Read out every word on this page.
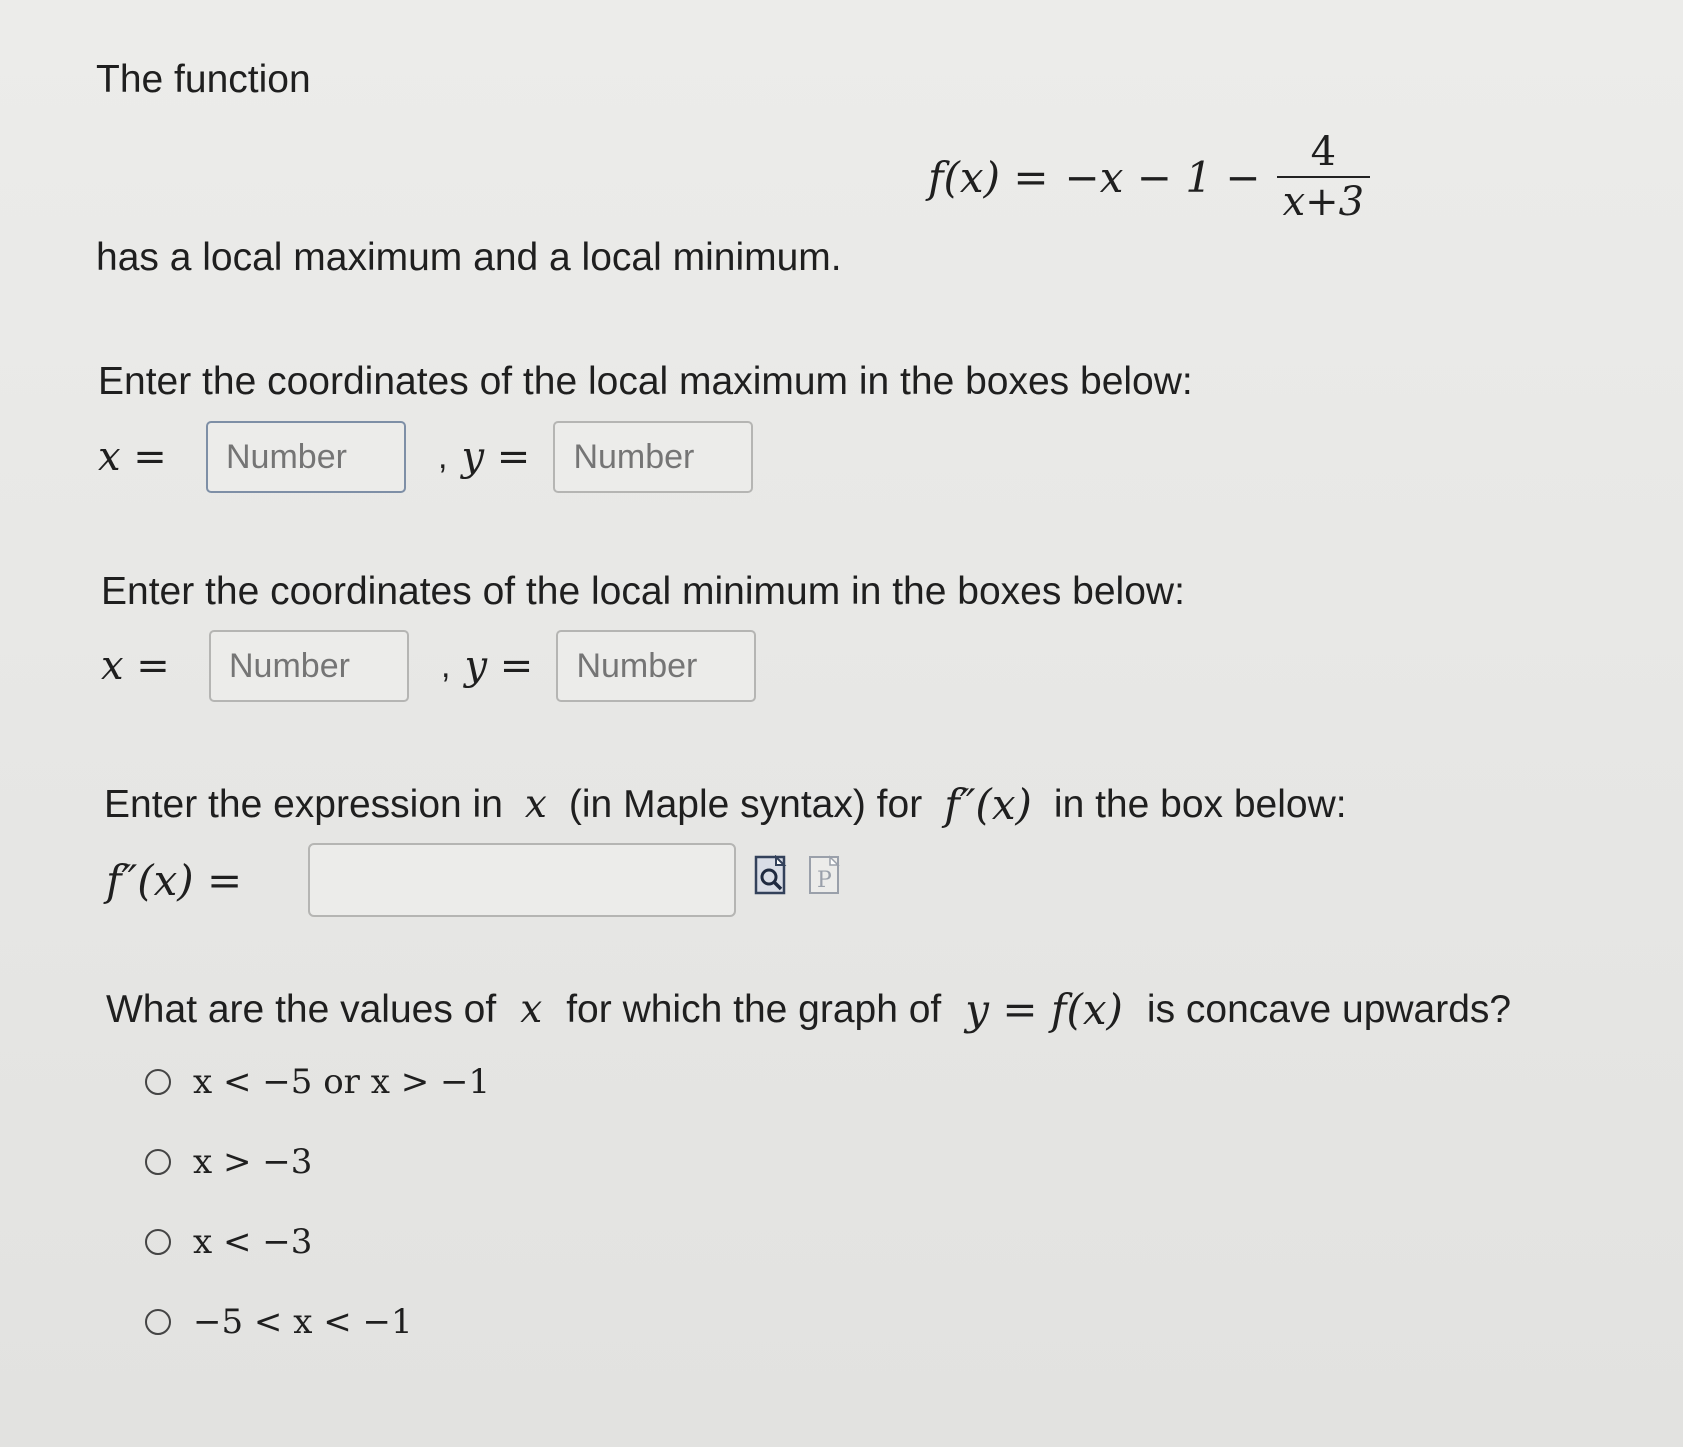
The function
$f(x) = -x - 1 - \frac{4}{x+3}$
has a local maximum and a local minimum.
Enter the coordinates of the local maximum in the boxes below:
x =
Number	, y =
Number
Enter the coordinates of the local minimum in the boxes below:
x =
Number	, y =
Number
Enter the expression in x (in Maple syntax) for f″(x) in the box below:
f″(x) =	P
What are the values of x for which the graph of y = f(x) is concave upwards?
x < −5 or x > −1
x > −3
x < −3
−5 < x < −1
